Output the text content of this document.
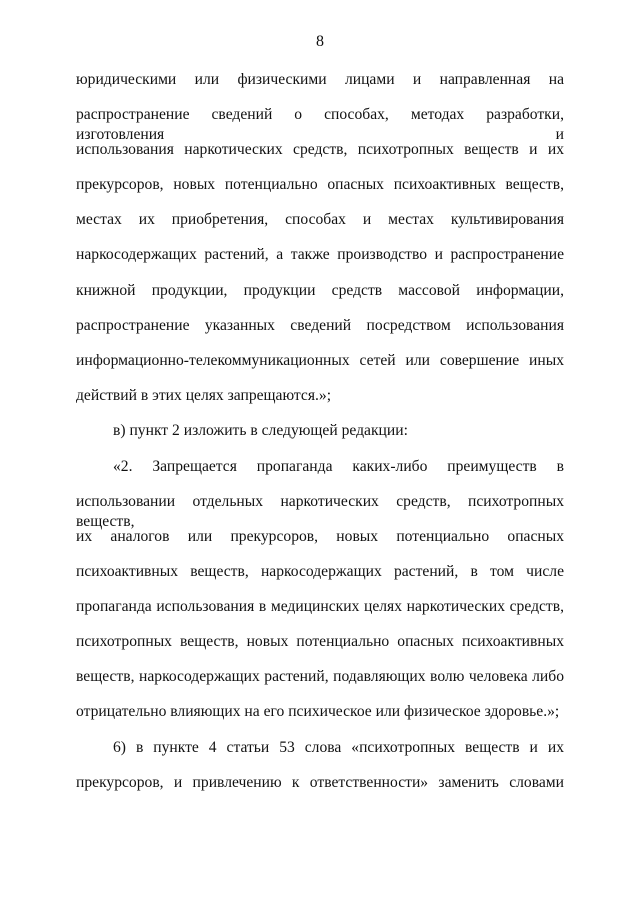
8
юридическими или физическими лицами и направленная на
распространение сведений о способах, методах разработки, изготовления и
использования наркотических средств, психотропных веществ и их
прекурсоров, новых потенциально опасных психоактивных веществ,
местах их приобретения, способах и местах культивирования
наркосодержащих растений, а также производство и распространение
книжной продукции, продукции средств массовой информации,
распространение указанных сведений посредством использования
информационно-телекоммуникационных сетей или совершение иных
действий в этих целях запрещаются.»;
в) пункт 2 изложить в следующей редакции:
«2. Запрещается пропаганда каких-либо преимуществ в
использовании отдельных наркотических средств, психотропных веществ,
их аналогов или прекурсоров, новых потенциально опасных
психоактивных веществ, наркосодержащих растений, в том числе
пропаганда использования в медицинских целях наркотических средств,
психотропных веществ, новых потенциально опасных психоактивных
веществ, наркосодержащих растений, подавляющих волю человека либо
отрицательно влияющих на его психическое или физическое здоровье.»;
6) в пункте 4 статьи 53 слова «психотропных веществ и их
прекурсоров, и привлечению к ответственности» заменить словами
